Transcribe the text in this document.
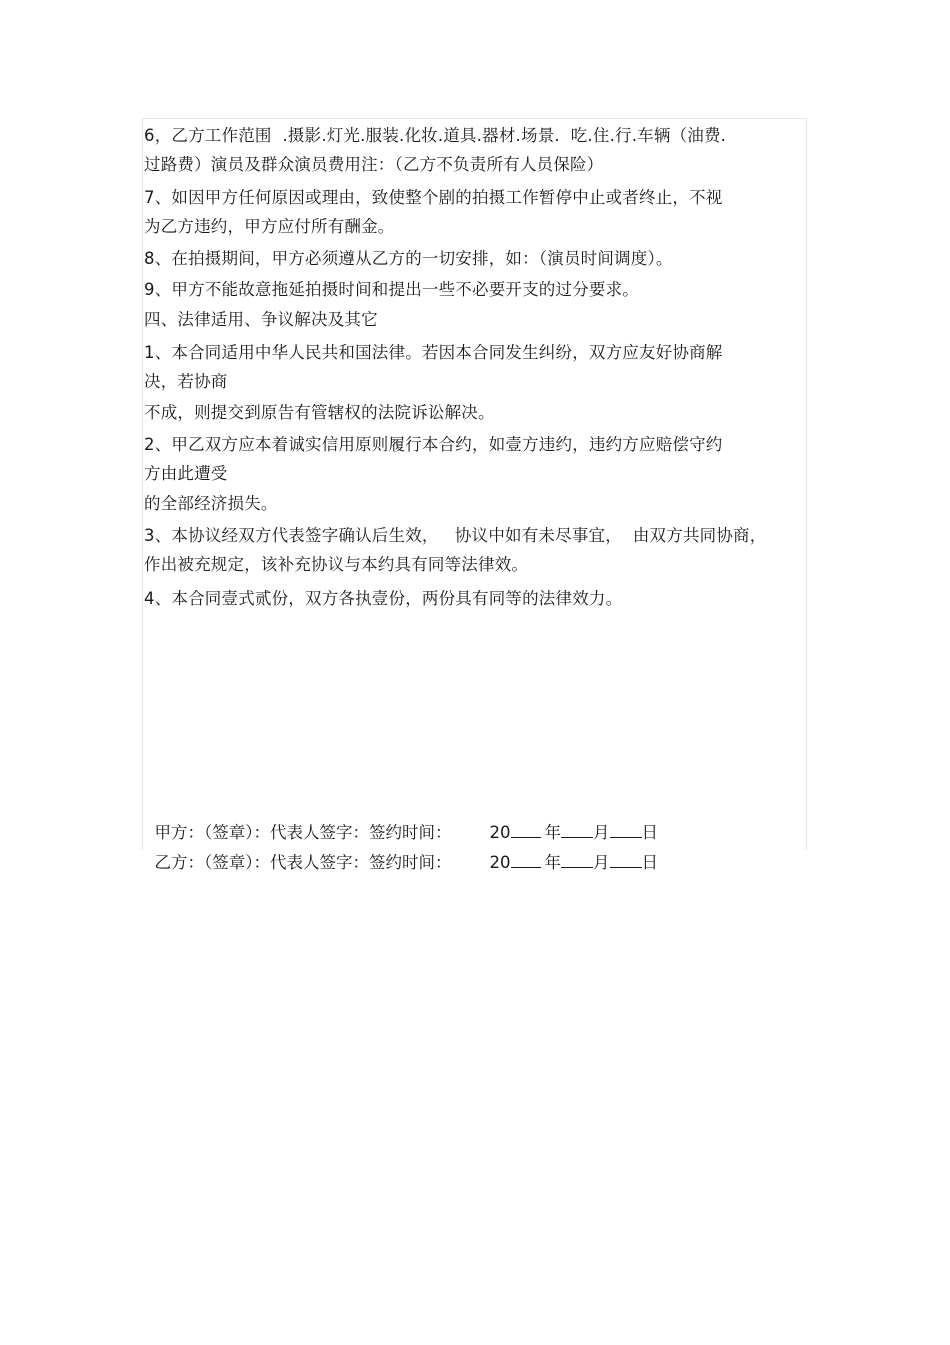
6，乙方工作范围  .摄影.灯光.服装.化妆.道具.器材.场景.  吃.住.行.车辆（油费.
过路费）演员及群众演员费用注：（乙方不负责所有人员保险）
7、如因甲方任何原因或理由，致使整个剧的拍摄工作暂停中止或者终止，不视
为乙方违约，甲方应付所有酬金。
8、在拍摄期间，甲方必须遵从乙方的一切安排，如：（演员时间调度）。
9、甲方不能故意拖延拍摄时间和提出一些不必要开支的过分要求。
四、法律适用、争议解决及其它
1、本合同适用中华人民共和国法律。若因本合同发生纠纷，双方应友好协商解
决，若协商
不成，则提交到原告有管辖权的法院诉讼解决。
2、甲乙双方应本着诚实信用原则履行本合约，如壹方违约，违约方应赔偿守约
方由此遭受
的全部经济损失。
3、本协议经双方代表签字确认后生效，   协议中如有未尽事宜，  由双方共同协商，
作出被充规定，该补充协议与本约具有同等法律效。
4、本合同壹式贰份，双方各执壹份，两份具有同等的法律效力。

甲方：（签章）：代表人签字：签约时间： 20 年 月 日

乙方：（签章）：代表人签字：签约时间： 20 年 月 日
